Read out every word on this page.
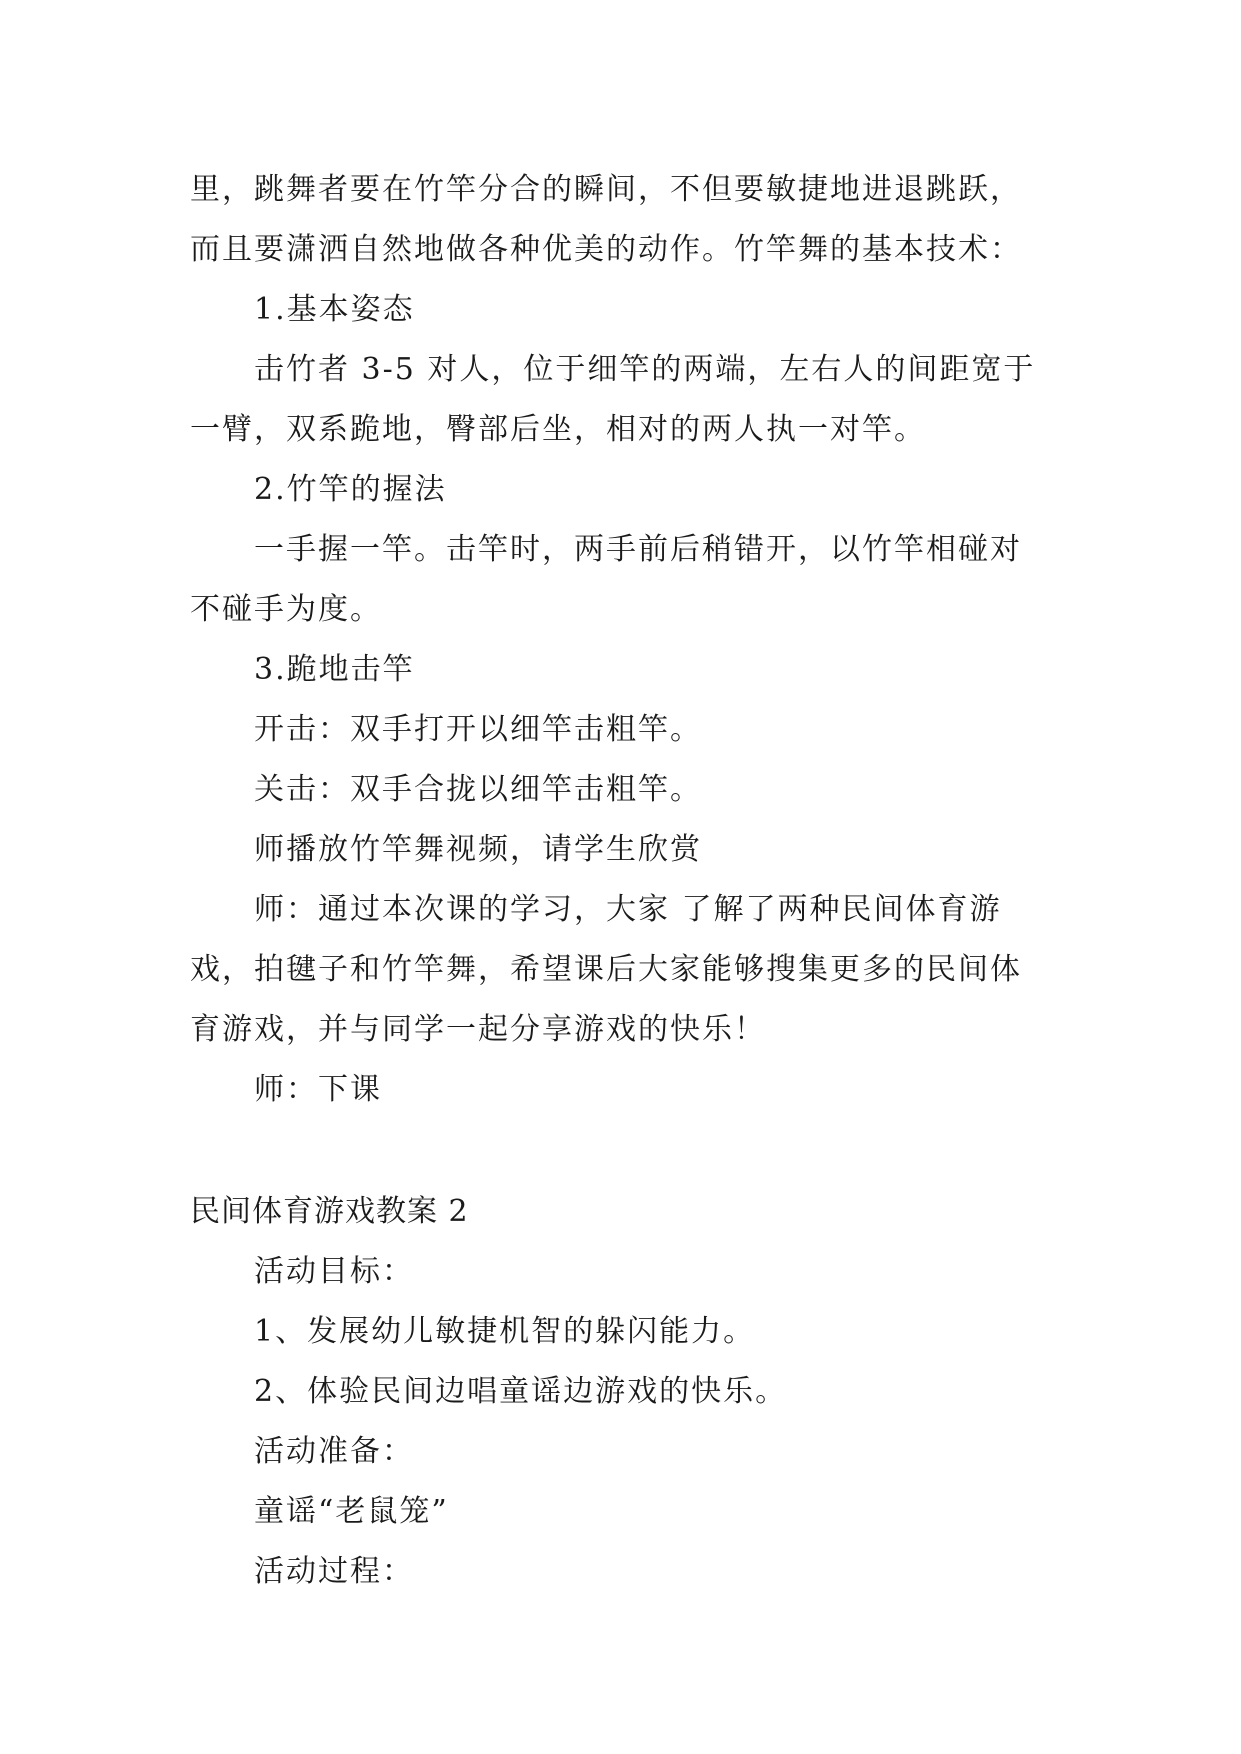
里，跳舞者要在竹竿分合的瞬间，不但要敏捷地进退跳跃，
而且要潇洒自然地做各种优美的动作。竹竿舞的基本技术：
1.基本姿态
击竹者 3-5 对人，位于细竿的两端，左右人的间距宽于
一臂，双系跪地，臀部后坐，相对的两人执一对竿。
2.竹竿的握法
一手握一竿。击竿时，两手前后稍错开，以竹竿相碰对
不碰手为度。
3.跪地击竿
开击：双手打开以细竿击粗竿。
关击：双手合拢以细竿击粗竿。
师播放竹竿舞视频，请学生欣赏
师：通过本次课的学习，大家 了解了两种民间体育游
戏，拍毽子和竹竿舞，希望课后大家能够搜集更多的民间体
育游戏，并与同学一起分享游戏的快乐！
师：下课
民间体育游戏教案 2
活动目标：
1、发展幼儿敏捷机智的躲闪能力。
2、体验民间边唱童谣边游戏的快乐。
活动准备：
童谣“老鼠笼”
活动过程：
